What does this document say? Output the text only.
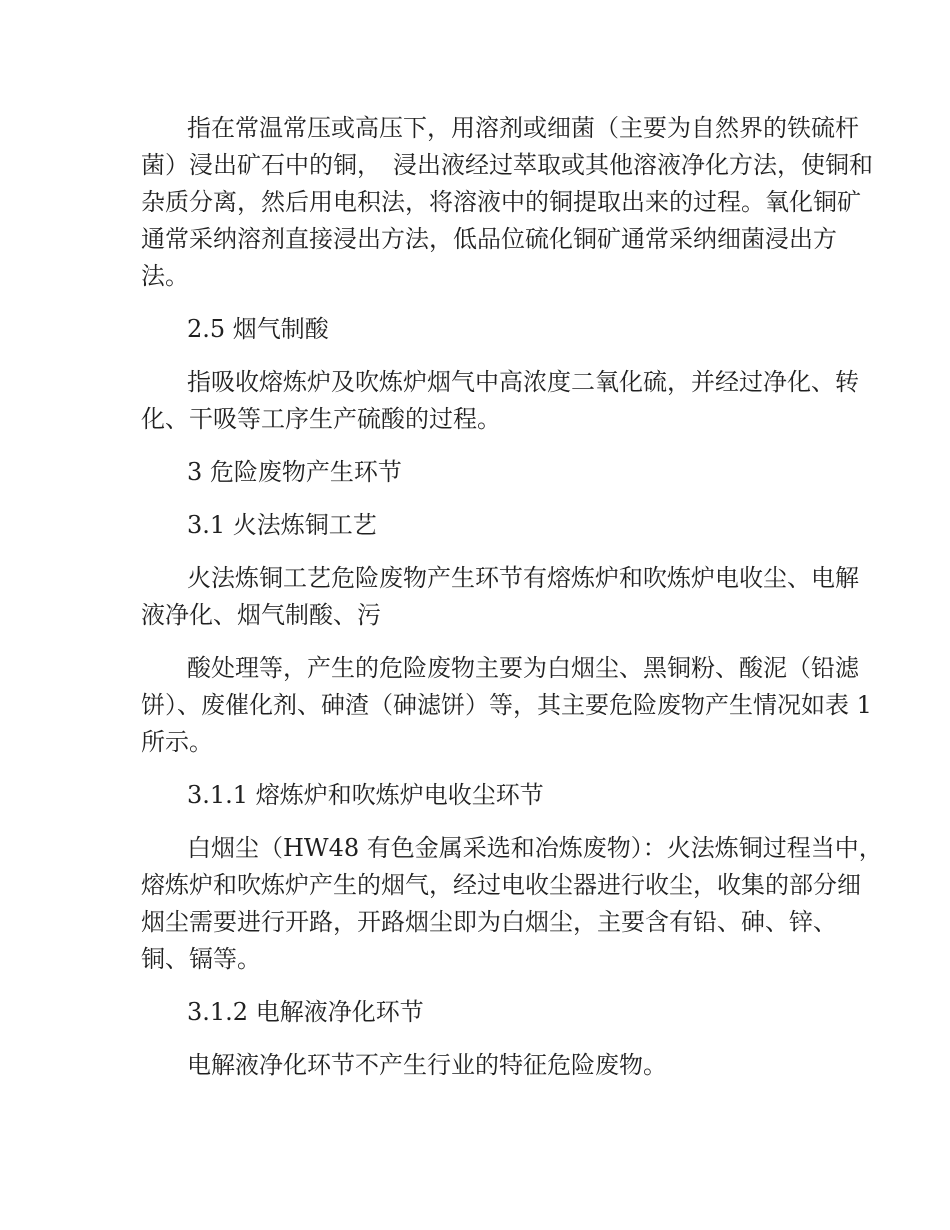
指在常温常压或高压下，用溶剂或细菌（主要为自然界的铁硫杆
菌）浸出矿石中的铜，　浸出液经过萃取或其他溶液净化方法，使铜和
杂质分离，然后用电积法，将溶液中的铜提取出来的过程。氧化铜矿
通常采纳溶剂直接浸出方法，低品位硫化铜矿通常采纳细菌浸出方
法。
2.5 烟气制酸
指吸收熔炼炉及吹炼炉烟气中高浓度二氧化硫，并经过净化、转
化、干吸等工序生产硫酸的过程。
3 危险废物产生环节
3.1 火法炼铜工艺
火法炼铜工艺危险废物产生环节有熔炼炉和吹炼炉电收尘、电解
液净化、烟气制酸、污
酸处理等，产生的危险废物主要为白烟尘、黑铜粉、酸泥（铅滤
饼）、废催化剂、砷渣（砷滤饼）等，其主要危险废物产生情况如表 1
所示。
3.1.1 熔炼炉和吹炼炉电收尘环节
白烟尘（HW48 有色金属采选和冶炼废物）：火法炼铜过程当中，
熔炼炉和吹炼炉产生的烟气，经过电收尘器进行收尘，收集的部分细
烟尘需要进行开路，开路烟尘即为白烟尘，主要含有铅、砷、锌、
铜、镉等。
3.1.2 电解液净化环节
电解液净化环节不产生行业的特征危险废物。
